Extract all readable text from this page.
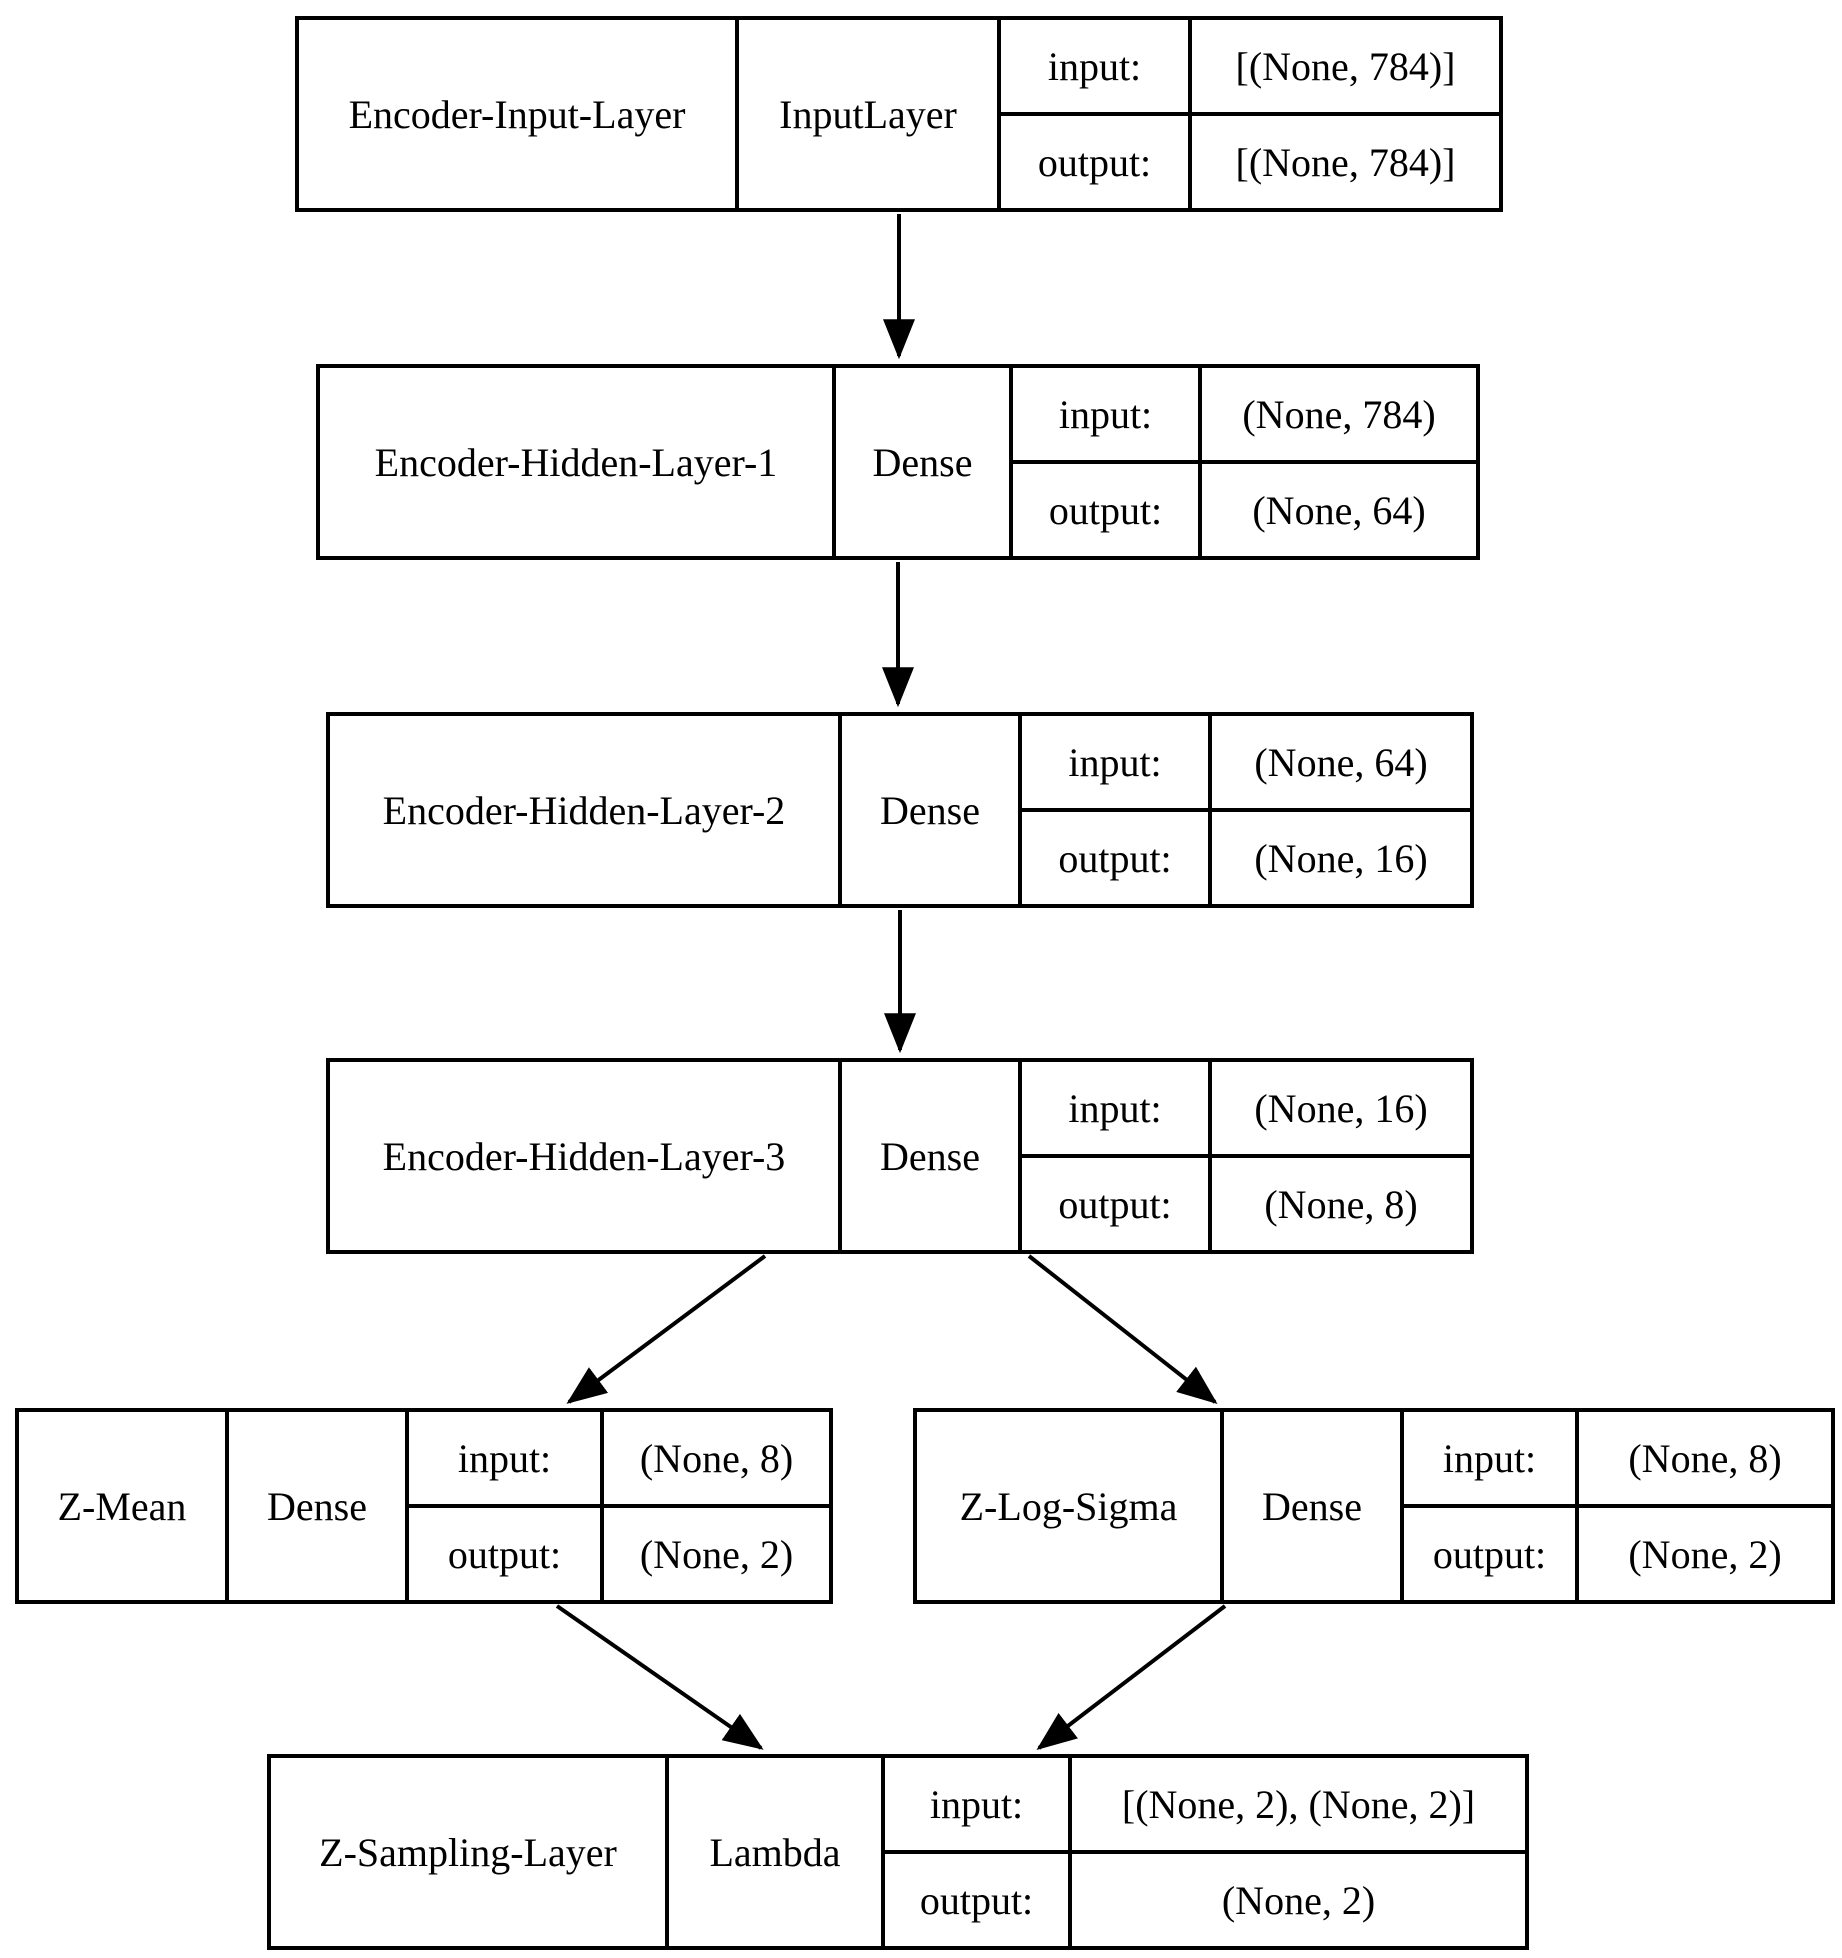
Encoder-Input-Layer	InputLayer
input:	[(None, 784)]
output:	[(None, 784)]
Encoder-Hidden-Layer-1	Dense
input:	(None, 784)
output:	(None, 64)
Encoder-Hidden-Layer-2	Dense
input:	(None, 64)
output:	(None, 16)
Encoder-Hidden-Layer-3	Dense
input:	(None, 16)
output:	(None, 8)
Z-Mean	Dense
input:	(None, 8)
output:	(None, 2)
Z-Log-Sigma	Dense
input:	(None, 8)
output:	(None, 2)
Z-Sampling-Layer	Lambda
input:	[(None, 2), (None, 2)]
output:	(None, 2)
